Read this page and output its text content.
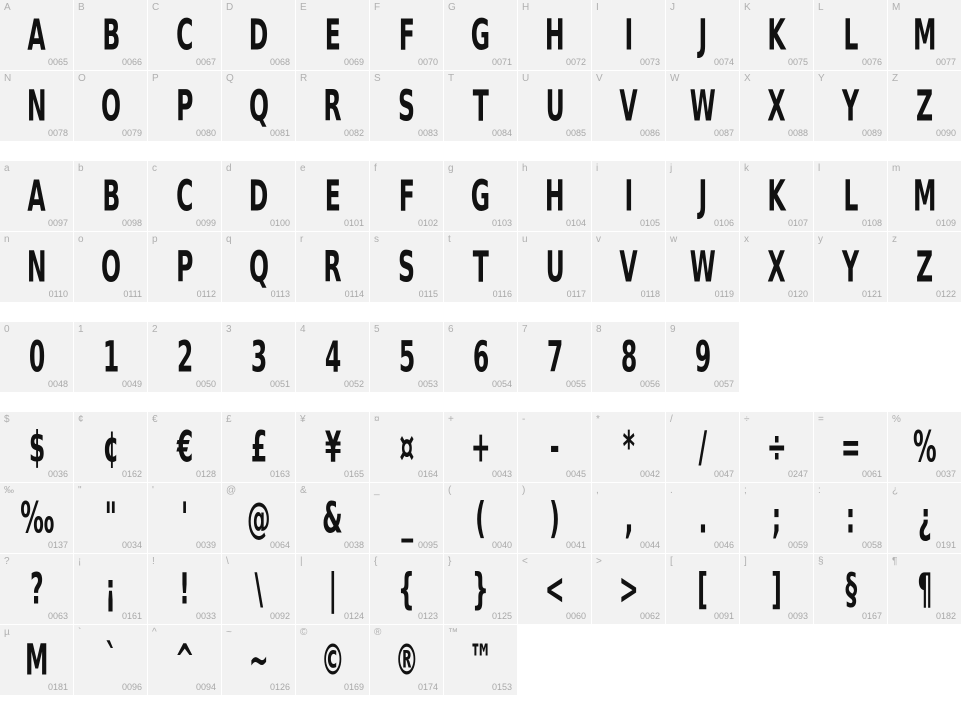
A
A
0065
B
B
0066
C
C
0067
D
D
0068
E
E
0069
F
F
0070
G
G
0071
H
H
0072
I
I
0073
J
J
0074
K
K
0075
L
L
0076
M
M
0077
N
N
0078
O
O
0079
P
P
0080
Q
Q
0081
R
R
0082
S
S
0083
T
T
0084
U
U
0085
V
V
0086
W
W
0087
X
X
0088
Y
Y
0089
Z
Z
0090
a
A
0097
b
B
0098
c
C
0099
d
D
0100
e
E
0101
f
F
0102
g
G
0103
h
H
0104
i
I
0105
j
J
0106
k
K
0107
l
L
0108
m
M
0109
n
N
0110
o
O
0111
p
P
0112
q
Q
0113
r
R
0114
s
S
0115
t
T
0116
u
U
0117
v
V
0118
w
W
0119
x
X
0120
y
Y
0121
z
Z
0122
0
0
0048
1
1
0049
2
2
0050
3
3
0051
4
4
0052
5
5
0053
6
6
0054
7
7
0055
8
8
0056
9
9
0057
$
$
0036
¢
¢
0162
€
€
0128
£
£
0163
¥
¥
0165
¤
¤
0164
+
+
0043
-
-
0045
*
*
0042
/
/
0047
÷
÷
0247
=
=
0061
%
%
0037
‰
‰
0137
"
"
0034
'
'
0039
@
@
0064
&
&
0038
_
_
0095
(
(
0040
)
)
0041
,
,
0044
.
.
0046
;
;
0059
:
:
0058
¿
¿
0191
?
?
0063
¡
¡
0161
!
!
0033
\
\
0092
|
|
0124
{
{
0123
}
}
0125
<
<
0060
>
>
0062
[
[
0091
]
]
0093
§
§
0167
¶
¶
0182
µ
M
0181
`
`
0096
^
^
0094
~
~
0126
©
©
0169
®
®
0174
™
™
0153
